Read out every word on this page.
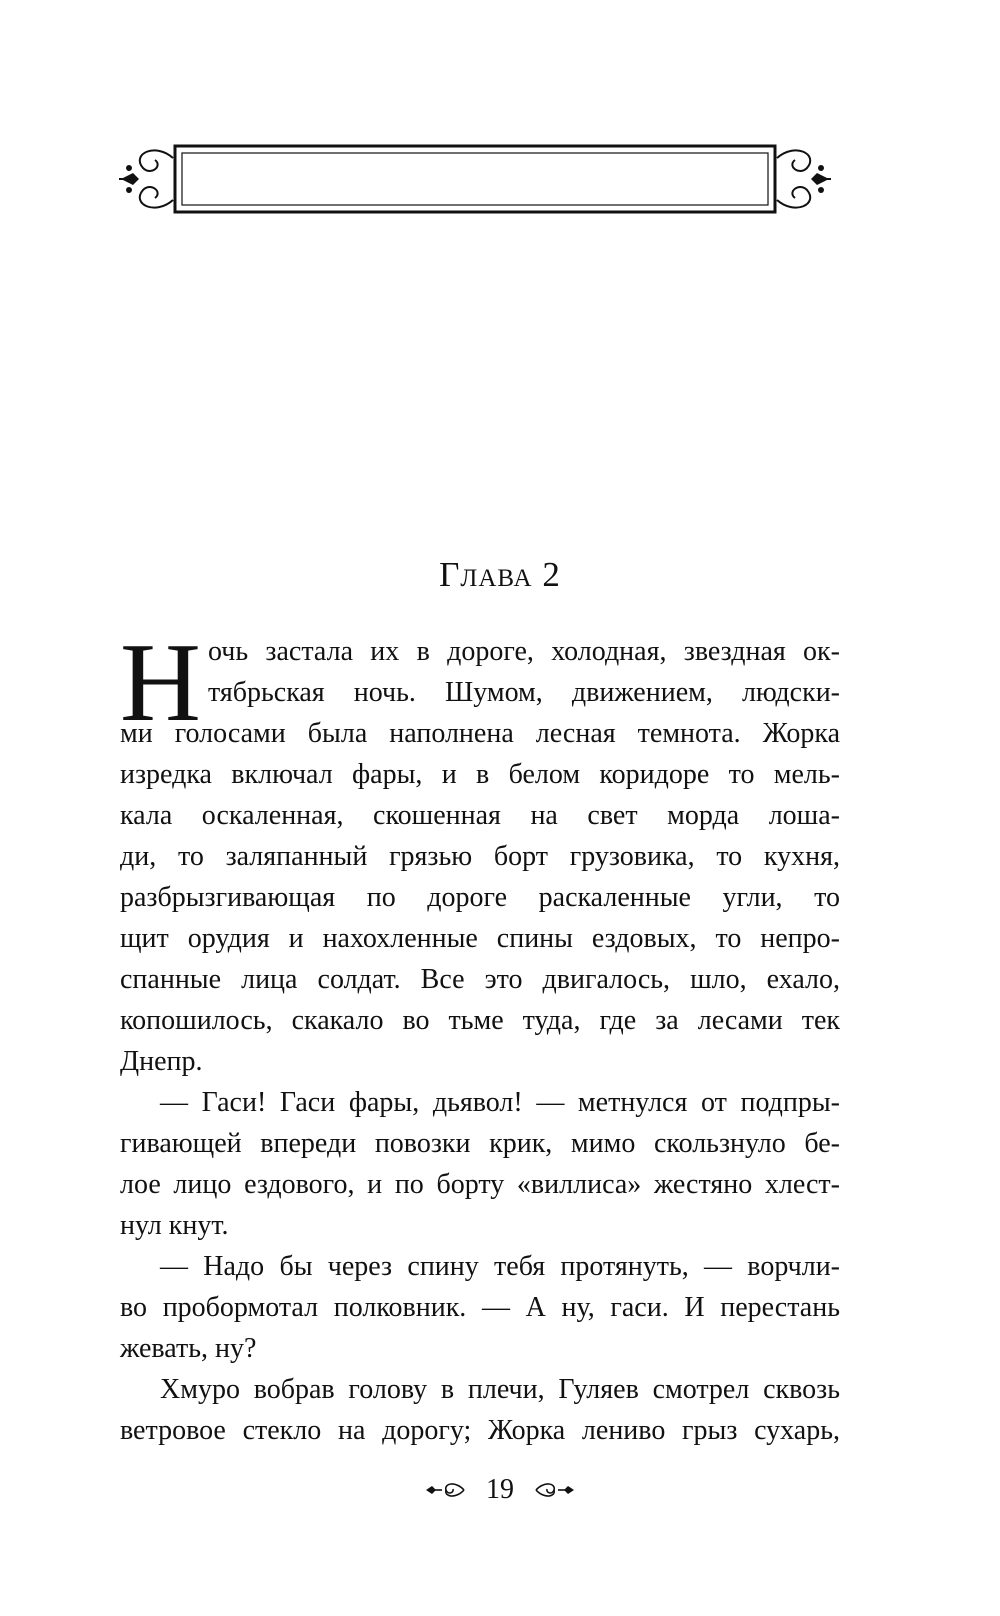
Глава 2
Н очь застала их в дороге, холодная, звездная ок-
тябрьская ночь. Шумом, движением, людски-
ми голосами была наполнена лесная темнота. Жорка
изредка включал фары, и в белом коридоре то мель-
кала оскаленная, скошенная на свет морда лоша-
ди, то заляпанный грязью борт грузовика, то кухня,
разбрызгивающая по дороге раскаленные угли, то
щит орудия и нахохленные спины ездовых, то непро-
спанные лица солдат. Все это двигалось, шло, ехало,
копошилось, скакало во тьме туда, где за лесами тек
Днепр.
— Гаси! Гаси фары, дьявол! — метнулся от подпры-
гивающей впереди повозки крик, мимо скользнуло бе-
лое лицо ездового, и по борту «виллиса» жестяно хлест-
нул кнут.
— Надо бы через спину тебя протянуть, — ворчли-
во пробормотал полковник. — А ну, гаси. И перестань
жевать, ну?
Хмуро вобрав голову в плечи, Гуляев смотрел сквозь
ветровое стекло на дорогу; Жорка лениво грыз сухарь,
19
